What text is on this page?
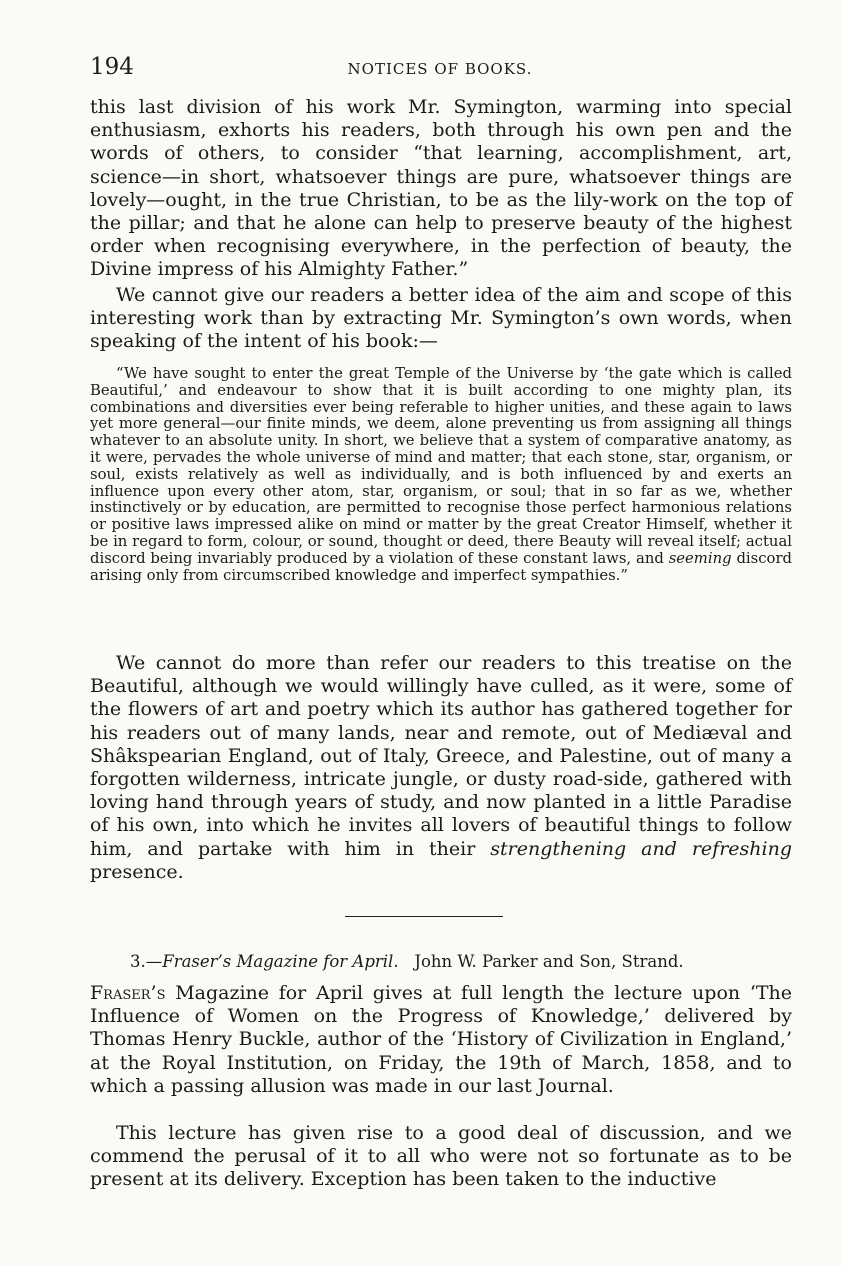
194	NOTICES OF BOOKS.

this last division of his work Mr. Symington, warming into special enthusiasm, exhorts his readers, both through his own pen and the words of others, to consider “that learning, accomplishment, art, science—in short, whatsoever things are pure, whatsoever things are lovely—ought, in the true Christian, to be as the lily-work on the top of the pillar; and that he alone can help to preserve beauty of the highest order when recognising everywhere, in the perfection of beauty, the Divine impress of his Almighty Father.”

We cannot give our readers a better idea of the aim and scope of this interesting work than by extracting Mr. Symington’s own words, when speaking of the intent of his book:—

“We have sought to enter the great Temple of the Universe by ‘the gate which is called Beautiful,’ and endeavour to show that it is built according to one mighty plan, its combinations and diversities ever being referable to higher unities, and these again to laws yet more general—our finite minds, we deem, alone preventing us from assigning all things whatever to an absolute unity. In short, we believe that a system of comparative anatomy, as it were, pervades the whole universe of mind and matter; that each stone, star, organism, or soul, exists relatively as well as individually, and is both influenced by and exerts an influence upon every other atom, star, organism, or soul; that in so far as we, whether instinctively or by education, are permitted to recognise those perfect harmonious relations or positive laws impressed alike on mind or matter by the great Creator Himself, whether it be in regard to form, colour, or sound, thought or deed, there Beauty will reveal itself; actual discord being invariably produced by a violation of these constant laws, and seeming discord arising only from circumscribed knowledge and imperfect sympathies.”

We cannot do more than refer our readers to this treatise on the Beautiful, although we would willingly have culled, as it were, some of the flowers of art and poetry which its author has gathered together for his readers out of many lands, near and remote, out of Mediæval and Shâkspearian England, out of Italy, Greece, and Palestine, out of many a forgotten wilderness, intricate jungle, or dusty road-side, gathered with loving hand through years of study, and now planted in a little Paradise of his own, into which he invites all lovers of beautiful things to follow him, and partake with him in their strengthening and refreshing presence.

3.—Fraser’s Magazine for April. John W. Parker and Son, Strand.

Fraser’s Magazine for April gives at full length the lecture upon ‘The Influence of Women on the Progress of Knowledge,’ delivered by Thomas Henry Buckle, author of the ‘History of Civilization in England,’ at the Royal Institution, on Friday, the 19th of March, 1858, and to which a passing allusion was made in our last Journal.

This lecture has given rise to a good deal of discussion, and we commend the perusal of it to all who were not so fortunate as to be present at its delivery. Exception has been taken to the inductive
